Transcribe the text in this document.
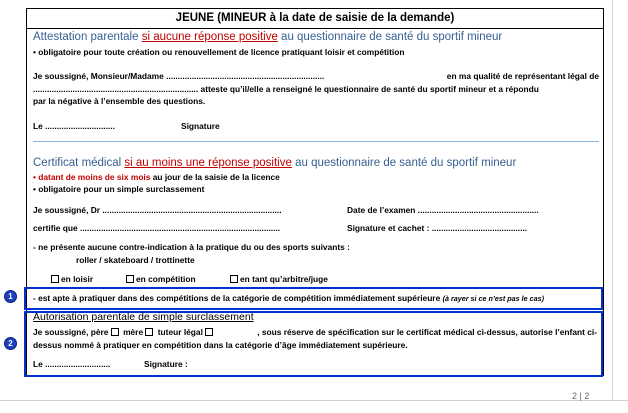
JEUNE (MINEUR à la date de saisie de la demande)
Attestation parentale si aucune réponse positive au questionnaire de santé du sportif mineur
• obligatoire pour toute création ou renouvellement de licence pratiquant loisir et compétition
Je soussigné, Monsieur/Madame ....................................................................	en ma qualité de représentant légal de
....................................................................... atteste qu’il/elle a renseigné le questionnaire de santé du sportif mineur et a répondu
par la négative à l’ensemble des questions.
Le ..............................	Signature
Certificat médical si au moins une réponse positive au questionnaire de santé du sportif mineur
• datant de moins de six mois au jour de la saisie de la licence
• obligatoire pour un simple surclassement
Je soussigné, Dr .............................................................................	Date de l’examen ....................................................
certifie que ......................................................................................	Signature et cachet : .........................................
- ne présente aucune contre-indication à la pratique du ou des sports suivants :
roller / skateboard / trottinette
en loisir	en compétition	en tant qu’arbitre/juge
- est apte à pratiquer dans des compétitions de la catégorie de compétition immédiatement supérieure (à rayer si ce n’est pas le cas)
Autorisation parentale de simple surclassement
Je soussigné, père mère tuteur légal	, sous réserve de spécification sur le certificat médical ci-dessus, autorise l’enfant ci-
dessus nommé à pratiquer en compétition dans la catégorie d’âge immédiatement supérieure.
Le ............................	Signature :
1
2
2 | 2
